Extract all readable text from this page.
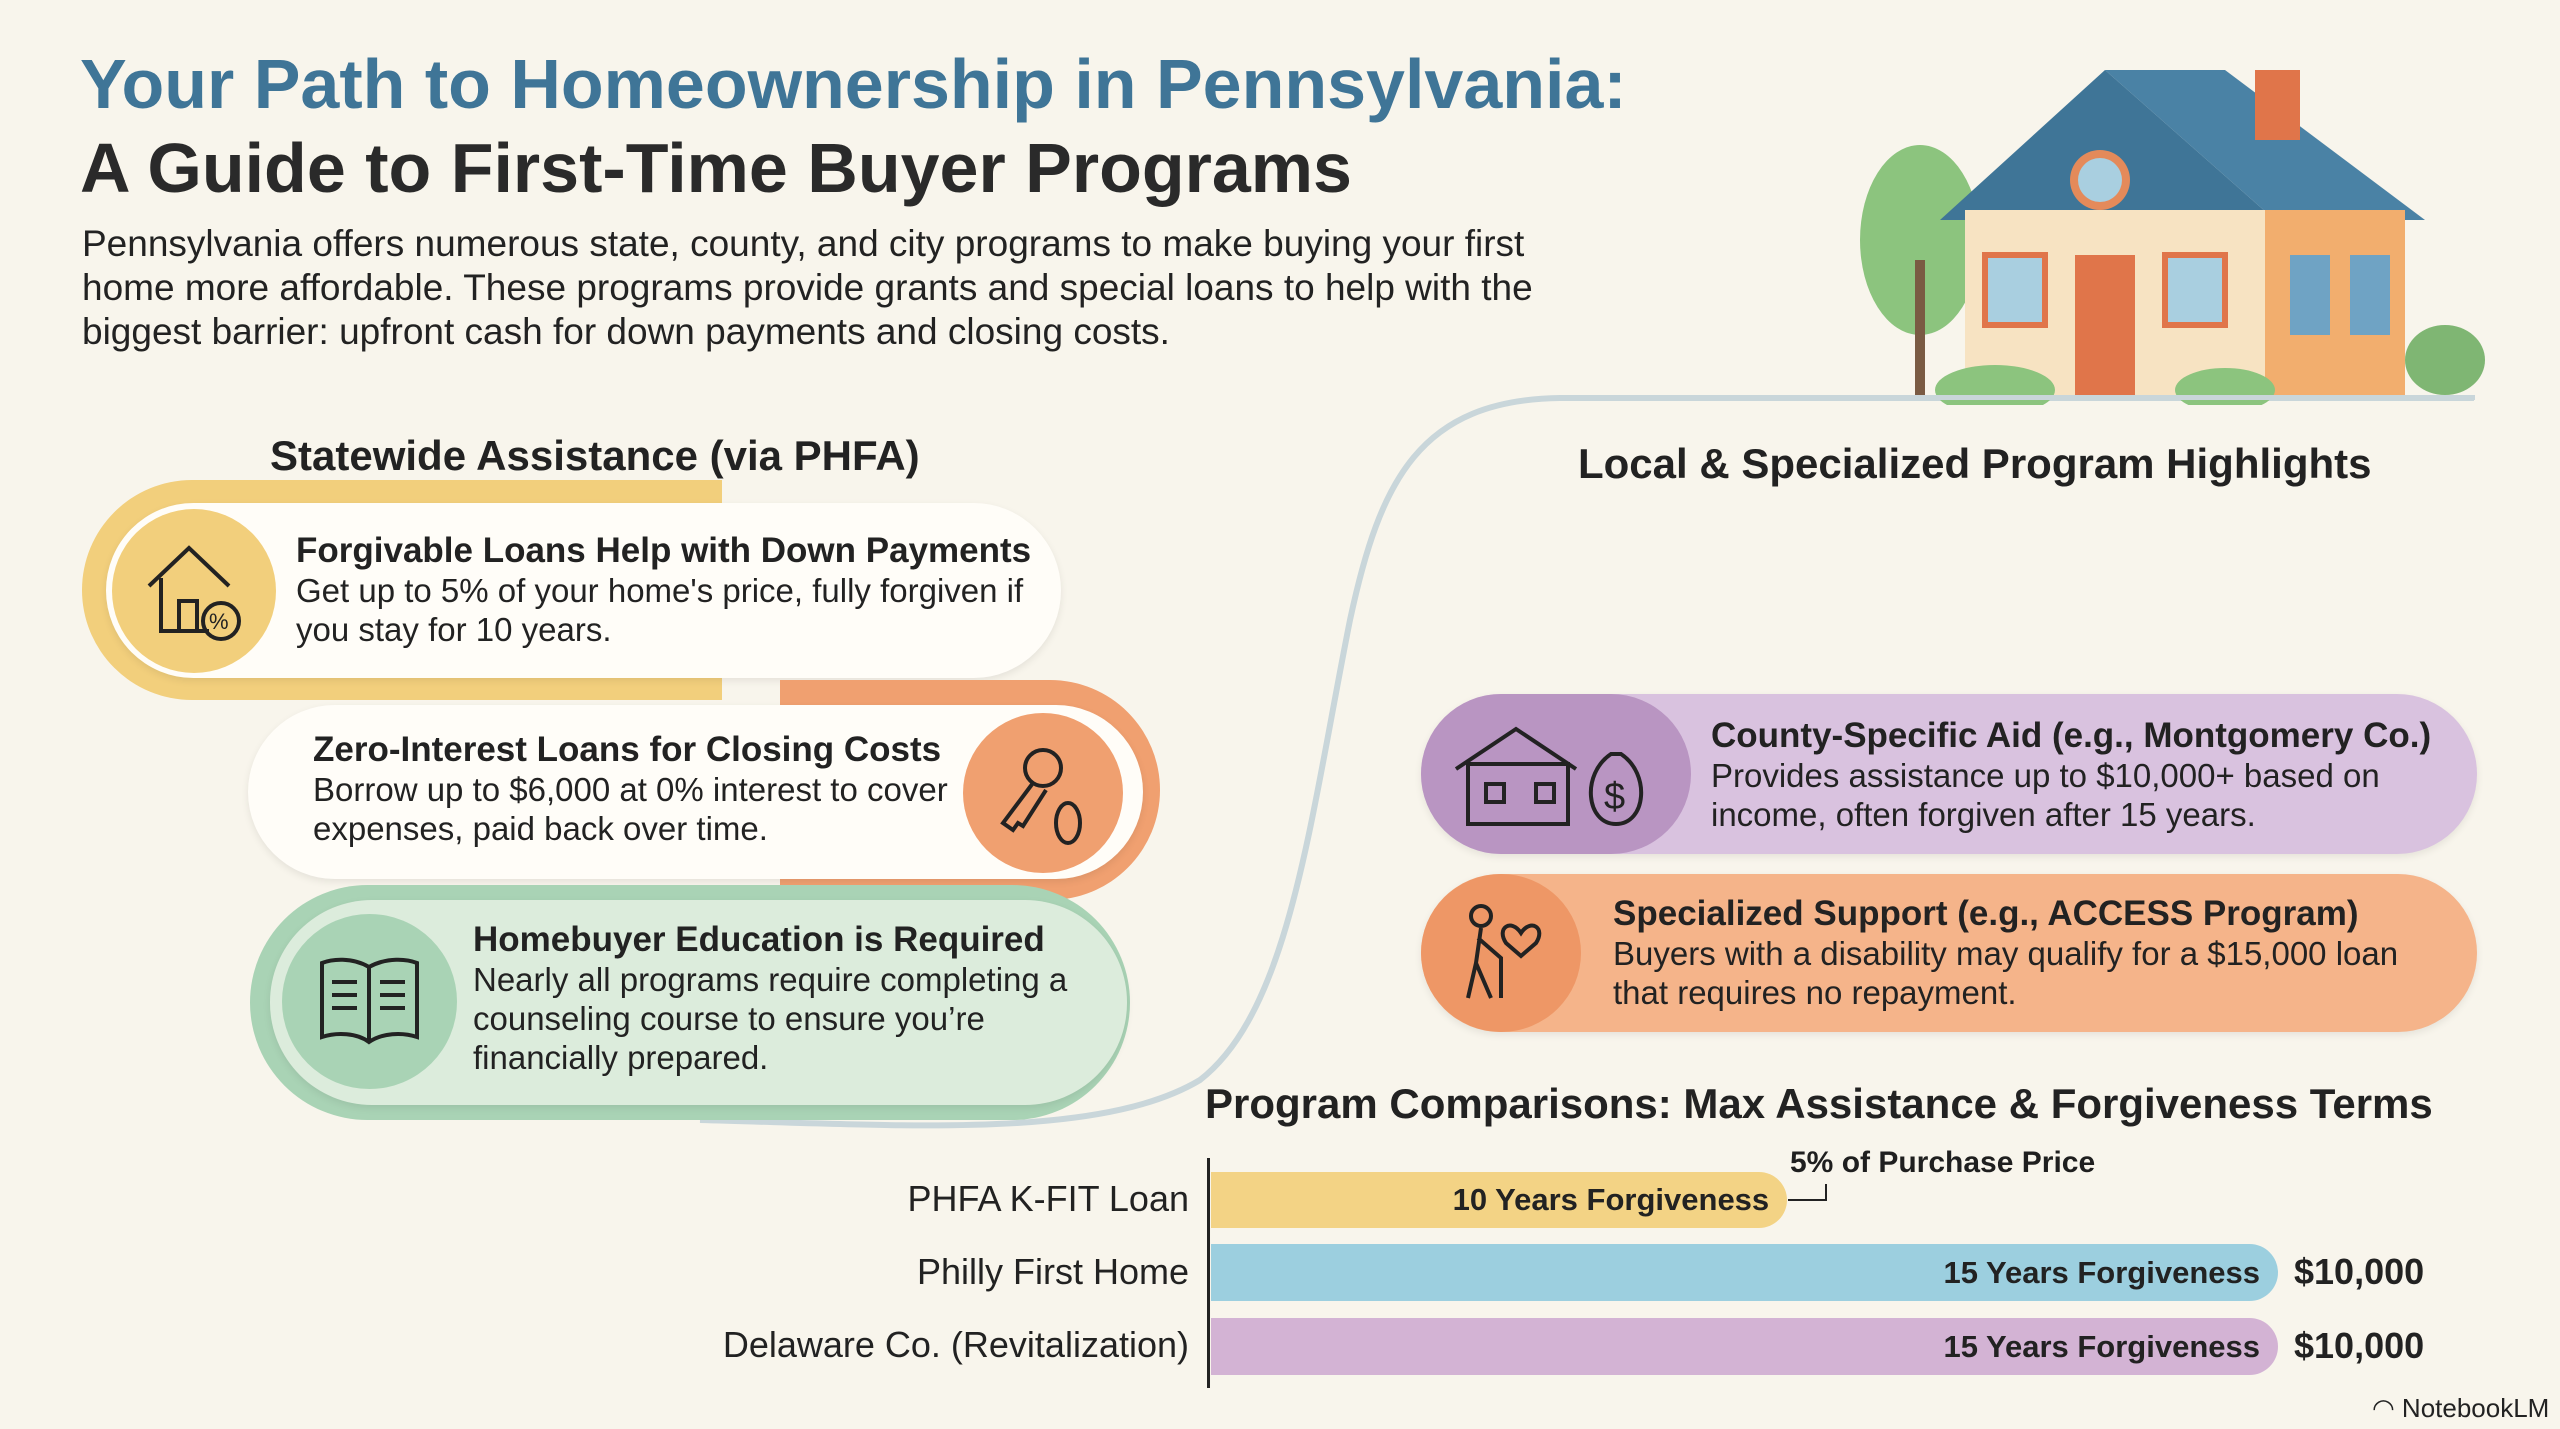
Your Path to Homeownership in Pennsylvania:
A Guide to First-Time Buyer Programs
Pennsylvania offers numerous state, county, and city programs to make buying your first home more affordable. These programs provide grants and special loans to help with the biggest barrier: upfront cash for down payments and closing costs.
Statewide Assistance (via PHFA)
%
Forgivable Loans Help with Down Payments
Get up to 5% of your home's price, fully forgiven if you stay for 10 years.
Zero-Interest Loans for Closing Costs
Borrow up to $6,000 at 0% interest to cover expenses, paid back over time.
Homebuyer Education is Required
Nearly all programs require completing a counseling course to ensure you’re financially prepared.
Local & Specialized Program Highlights
$
County-Specific Aid (e.g., Montgomery Co.)
Provides assistance up to $10,000+ based on income, often forgiven after 15 years.
Specialized Support (e.g., ACCESS Program)
Buyers with a disability may qualify for a $15,000 loan that requires no repayment.
Program Comparisons: Max Assistance & Forgiveness Terms
PHFA K-FIT Loan
Philly First Home
Delaware Co. (Revitalization)
10 Years Forgiveness
15 Years Forgiveness
15 Years Forgiveness
5% of Purchase Price
$10,000
$10,000
◠ NotebookLM
